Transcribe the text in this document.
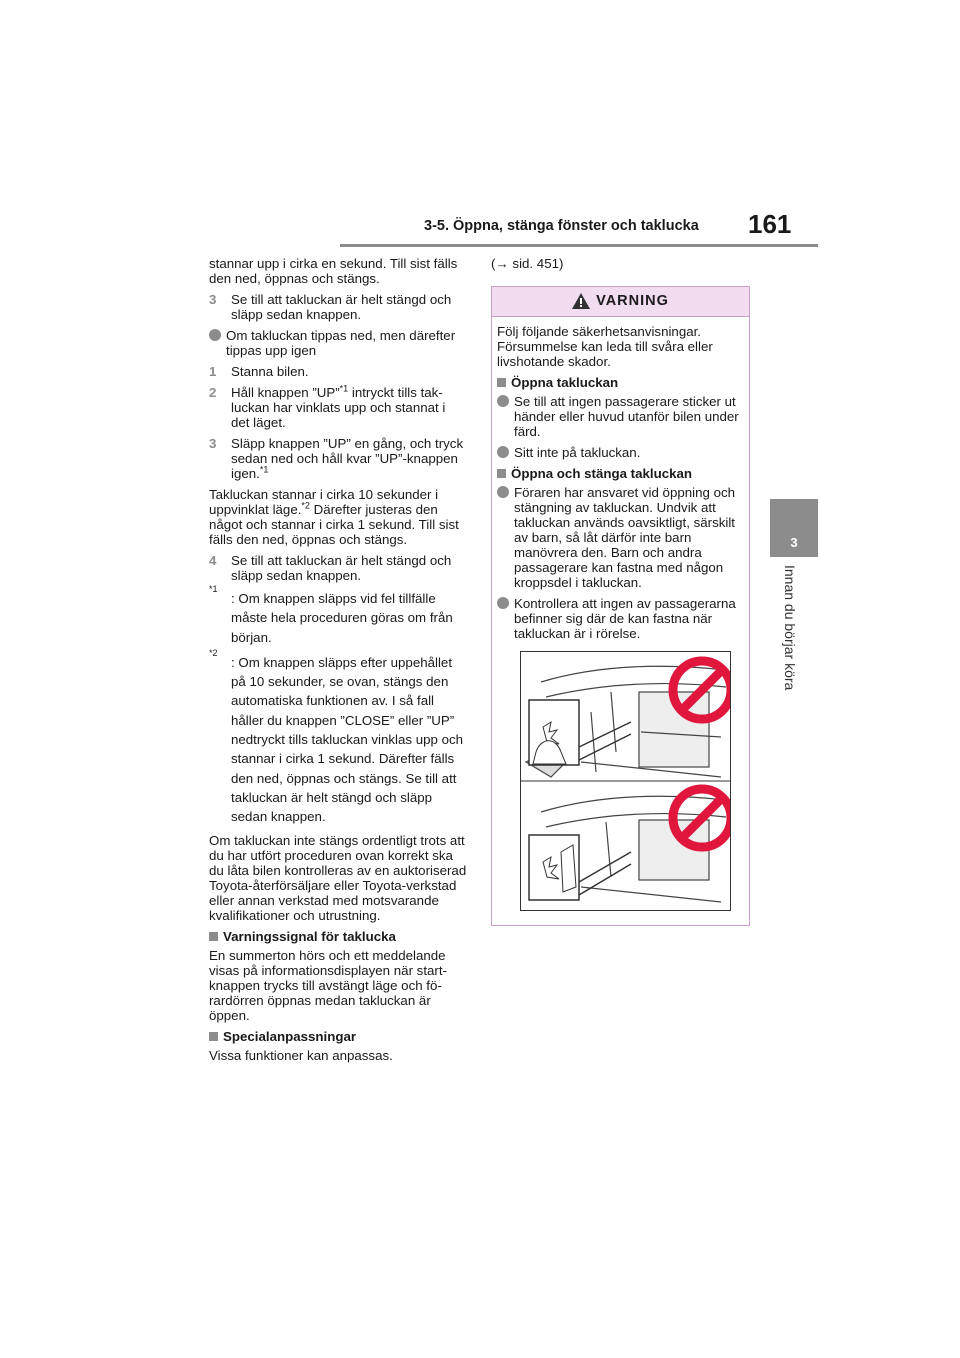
3-5. Öppna, stänga fönster och taklucka 161
3
Innan du börjar köra

stannar upp i cirka en sekund. Till sist fälls den ned, öppnas och stängs.

3	Se till att takluckan är helt stängd och släpp sedan knappen.
Om takluckan tippas ned, men därefter tippas upp igen
1	Stanna bilen.
2	Håll knappen ”UP”$^{*1}$ intryckt tills takluckan har vinklats upp och stannat i det läget.
3	Släpp knappen ”UP” en gång, och tryck sedan ned och håll kvar ”UP”-knappen igen.$^{*1}$

Takluckan stannar i cirka 10 sekunder i uppvinklat läge.$^{*2}$ Därefter justeras den något och stannar i cirka 1 sekund. Till sist fälls den ned, öppnas och stängs.

4	Se till att takluckan är helt stängd och släpp sedan knappen.
*1
: Om knappen släpps vid fel tillfälle måste hela proceduren göras om från början.
*2
: Om knappen släpps efter uppehållet på 10 sekunder, se ovan, stängs den automatiska funktionen av. I så fall håller du knappen ”CLOSE” eller ”UP” nedtryckt tills takluckan vinklas upp och stannar i cirka 1 sekund. Därefter fälls den ned, öppnas och stängs. Se till att takluckan är helt stängd och släpp sedan knappen.

Om takluckan inte stängs ordentligt trots att du har utfört proceduren ovan korrekt ska du låta bilen kontrolleras av en auktoriserad Toyota-återförsäljare eller Toyota-verkstad eller annan verkstad med motsvarande kvalifikationer och utrustning.

Varningssignal för taklucka

En summerton hörs och ett meddelande visas på informationsdisplayen när startknappen trycks till avstängt läge och förardörren öppnas medan takluckan är öppen.

Specialanpassningar

Vissa funktioner kan anpassas.

(→ sid. 451)

VARNING

Följ följande säkerhetsanvisningar. Försummelse kan leda till svåra eller livshotande skador.

Öppna takluckan
Se till att ingen passagerare sticker ut händer eller huvud utanför bilen under färd.
Sitt inte på takluckan.
Öppna och stänga takluckan
Föraren har ansvaret vid öppning och stängning av takluckan. Undvik att takluckan används oavsiktligt, särskilt av barn, så låt därför inte barn manövrera den. Barn och andra passagerare kan fastna med någon kroppsdel i takluckan.
Kontrollera att ingen av passagerarna befinner sig där de kan fastna när takluckan är i rörelse.
